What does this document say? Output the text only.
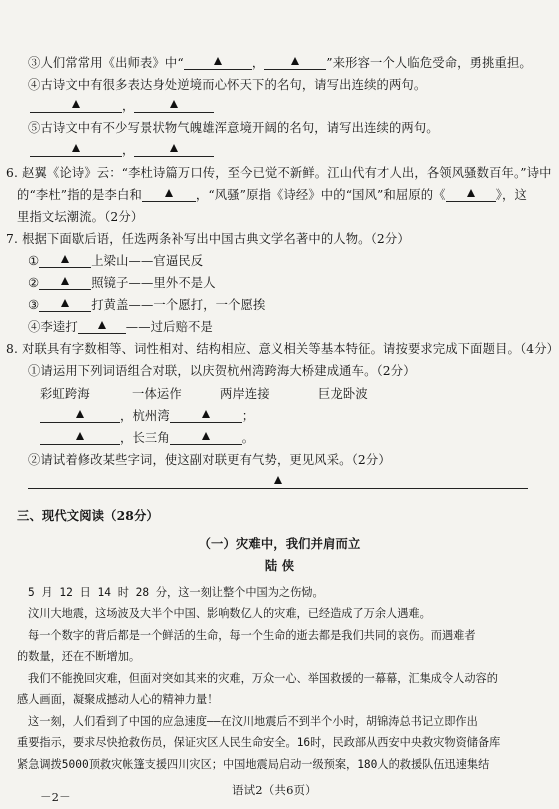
③人们常常用《出师表》中“	，	”来形容一个人临危受命，勇挑重担。
④古诗文中有很多表达身处逆境而心怀天下的名句，请写出连续的两句。
，
⑤古诗文中有不少写景状物气魄雄浑意境开阔的名句，请写出连续的两句。
，
6. 赵翼《论诗》云：“李杜诗篇万口传，至今已觉不新鲜。江山代有才人出，各领风骚数百年。”诗中
的“李杜”指的是李白和	，“风骚”原指《诗经》中的“国风”和屈原的《	》，这
里指文坛潮流。（2分）
7. 根据下面歇后语，任选两条补写出中国古典文学名著中的人物。（2分）
①	上梁山——官逼民反
②	照镜子——里外不是人
③	打黄盖——一个愿打，一个愿挨
④李逵打	——过后赔不是
8. 对联具有字数相等、词性相对、结构相应、意义相关等基本特征。请按要求完成下面题目。（4分）
①请运用下列词语组合对联，以庆贺杭州湾跨海大桥建成通车。（2分）
彩虹跨海	一体运作	两岸连接	巨龙卧波
，杭州湾	；
，长三角	。
②请试着修改某些字词，使这副对联更有气势，更见风采。（2分）
三、现代文阅读（28分）
（一）灾难中，我们并肩而立
陆 侠
5 月 12 日 14 时 28 分，这一刻让整个中国为之伤恸。
汶川大地震，这场波及大半个中国、影响数亿人的灾难，已经造成了万余人遇难。
每一个数字的背后都是一个鲜活的生命，每一个生命的逝去都是我们共同的哀伤。而遇难者
的数量，还在不断增加。
我们不能挽回灾难，但面对突如其来的灾难，万众一心、举国救援的一幕幕，汇集成令人动容的
感人画面，凝聚成撼动人心的精神力量！
这一刻，人们看到了中国的应急速度——在汶川地震后不到半个小时，胡锦涛总书记立即作出
重要指示，要求尽快抢救伤员，保证灾区人民生命安全。16时，民政部从西安中央救灾物资储备库
紧急调拨5000顶救灾帐篷支援四川灾区；中国地震局启动一级预案，180人的救援队伍迅速集结
－2－	语试2（共6页）
